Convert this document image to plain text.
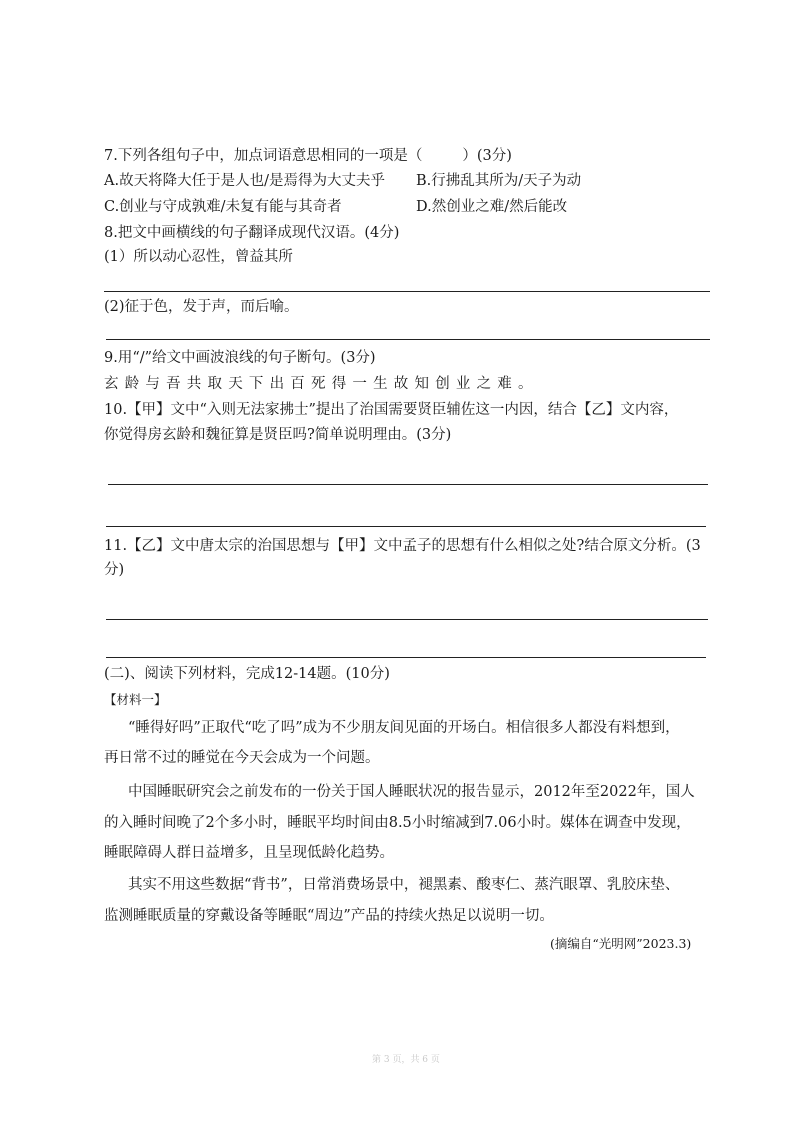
7.下列各组句子中，加点词语意思相同的一项是（	）(3分)
A.故天将降大任于是人也/是焉得为大丈夫乎 B.行拂乱其所为/天子为动
C.创业与守成孰难/未复有能与其奇者	D.然创业之难/然后能改
8.把文中画横线的句子翻译成现代汉语。(4分)
(1）所以动心忍性，曾益其所
(2)征于色，发于声，而后喻。
9.用“/”给文中画波浪线的句子断句。(3分)
玄龄与吾共取天下出百死得一生故知创业之难。
10.【甲】文中“入则无法家拂士”提出了治国需要贤臣辅佐这一内因，结合【乙】文内容，
你觉得房玄龄和魏征算是贤臣吗?简单说明理由。(3分)
11.【乙】文中唐太宗的治国思想与【甲】文中孟子的思想有什么相似之处?结合原文分析。(3
分)
(二)、阅读下列材料，完成12-14题。(10分)
【材料一】
“睡得好吗”正取代“吃了吗”成为不少朋友间见面的开场白。相信很多人都没有料想到，
再日常不过的睡觉在今天会成为一个问题。
中国睡眠研究会之前发布的一份关于国人睡眠状况的报告显示，2012年至2022年，国人
的入睡时间晚了2个多小时，睡眠平均时间由8.5小时缩减到7.06小时。媒体在调查中发现，
睡眠障碍人群日益增多，且呈现低龄化趋势。
其实不用这些数据“背书”，日常消费场景中，褪黑素、酸枣仁、蒸汽眼罩、乳胶床垫、
监测睡眠质量的穿戴设备等睡眠“周边”产品的持续火热足以说明一切。
(摘编自“光明网”2023.3)
第 3 页，共 6 页
